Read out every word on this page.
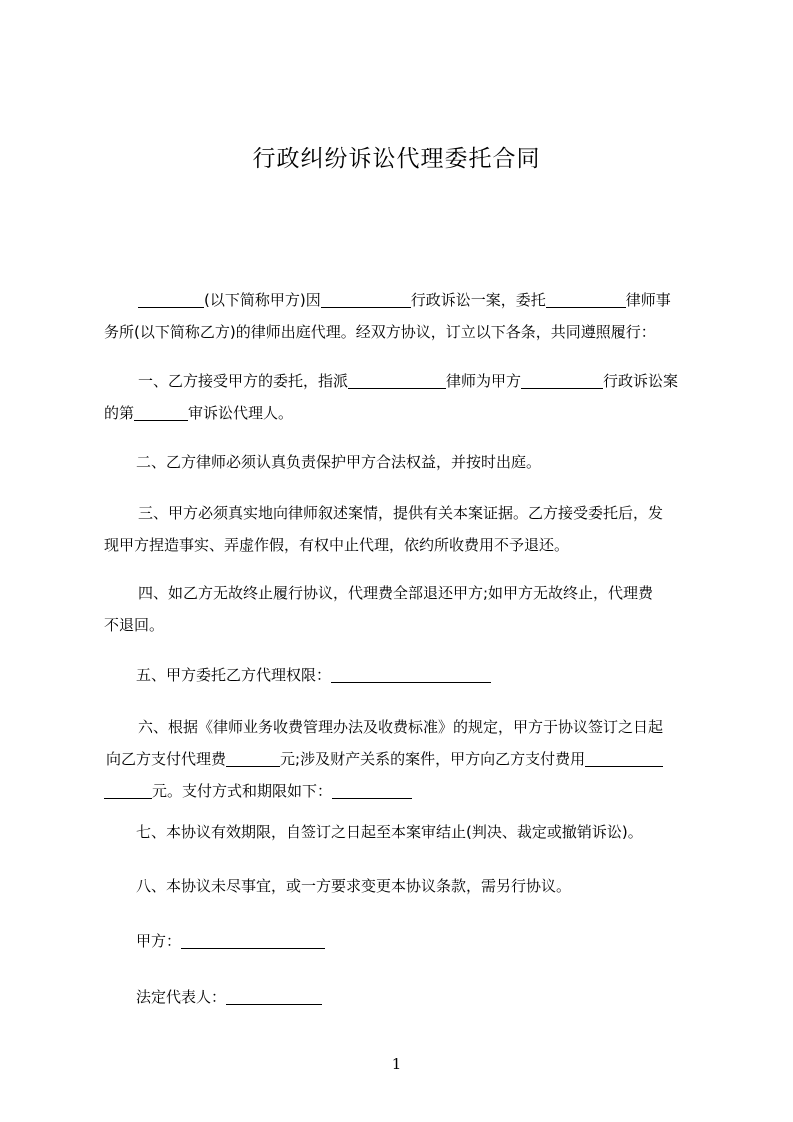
行政纠纷诉讼代理委托合同
(以下简称甲方)因	行政诉讼一案，委托	律师事
务所(以下简称乙方)的律师出庭代理。经双方协议，订立以下各条，共同遵照履行：
一、乙方接受甲方的委托，指派	律师为甲方	行政诉讼案
的第	审诉讼代理人。
二、乙方律师必须认真负责保护甲方合法权益，并按时出庭。
三、甲方必须真实地向律师叙述案情，提供有关本案证据。乙方接受委托后，发
现甲方捏造事实、弄虚作假，有权中止代理，依约所收费用不予退还。
四、如乙方无故终止履行协议，代理费全部退还甲方;如甲方无故终止，代理费
不退回。
五、甲方委托乙方代理权限：
六、根据《律师业务收费管理办法及收费标准》的规定，甲方于协议签订之日起
向乙方支付代理费	元;涉及财产关系的案件，甲方向乙方支付费用
元。支付方式和期限如下：
七、本协议有效期限，自签订之日起至本案审结止(判决、裁定或撤销诉讼)。
八、本协议未尽事宜，或一方要求变更本协议条款，需另行协议。
甲方：
法定代表人：
1
